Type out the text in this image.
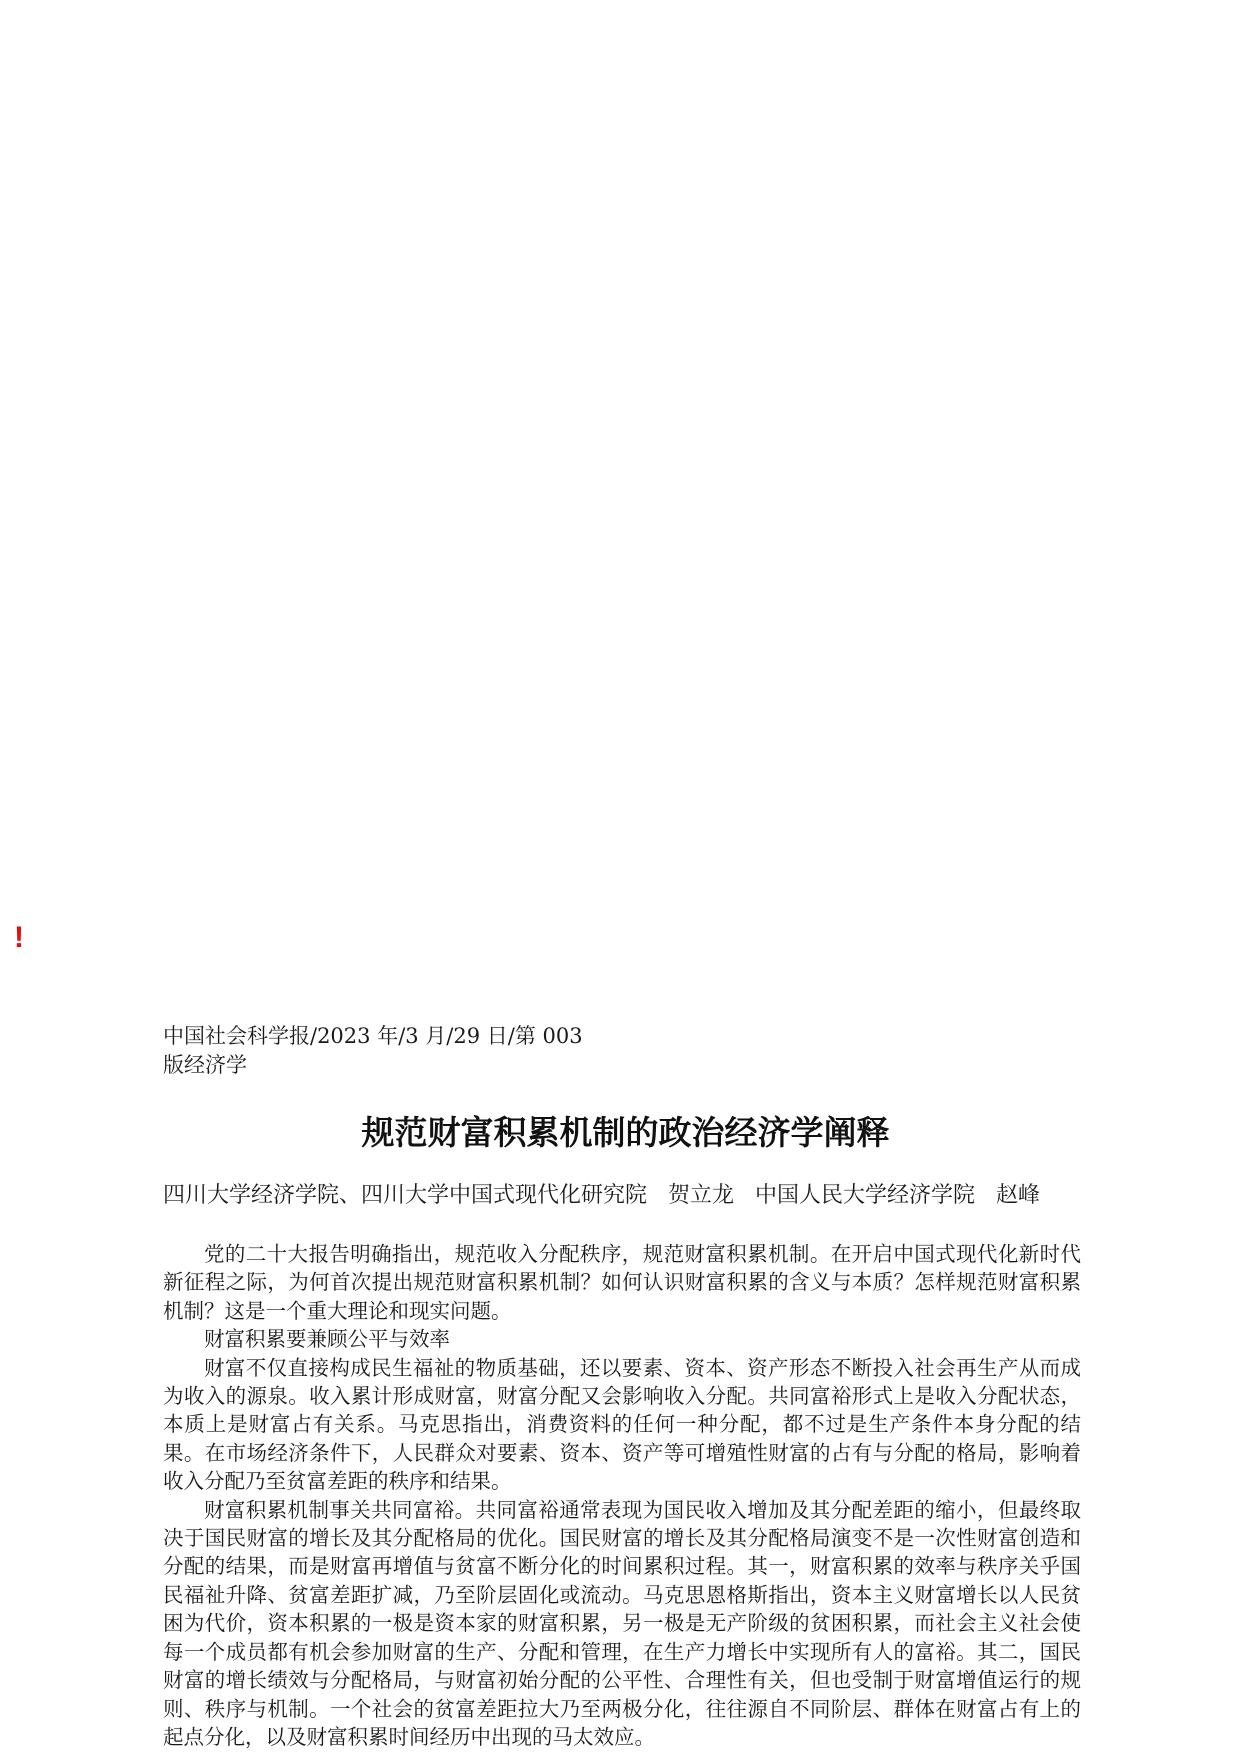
!
中国社会科学报/2023 年/3 月/29 日/第 003
版经济学
规范财富积累机制的政治经济学阐释
四川大学经济学院、四川大学中国式现代化研究院 贺立龙 中国人民大学经济学院 赵峰

党的二十大报告明确指出，规范收入分配秩序，规范财富积累机制。在开启中国式现代化新时代新征程之际，为何首次提出规范财富积累机制？如何认识财富积累的含义与本质？怎样规范财富积累机制？这是一个重大理论和现实问题。

财富积累要兼顾公平与效率

财富不仅直接构成民生福祉的物质基础，还以要素、资本、资产形态不断投入社会再生产从而成为收入的源泉。收入累计形成财富，财富分配又会影响收入分配。共同富裕形式上是收入分配状态，本质上是财富占有关系。马克思指出，消费资料的任何一种分配，都不过是生产条件本身分配的结果。在市场经济条件下，人民群众对要素、资本、资产等可增殖性财富的占有与分配的格局，影响着收入分配乃至贫富差距的秩序和结果。

财富积累机制事关共同富裕。共同富裕通常表现为国民收入增加及其分配差距的缩小，但最终取决于国民财富的增长及其分配格局的优化。国民财富的增长及其分配格局演变不是一次性财富创造和分配的结果，而是财富再增值与贫富不断分化的时间累积过程。其一，财富积累的效率与秩序关乎国民福祉升降、贫富差距扩减，乃至阶层固化或流动。马克思恩格斯指出，资本主义财富增长以人民贫困为代价，资本积累的一极是资本家的财富积累，另一极是无产阶级的贫困积累，而社会主义社会使每一个成员都有机会参加财富的生产、分配和管理，在生产力增长中实现所有人的富裕。其二，国民财富的增长绩效与分配格局，与财富初始分配的公平性、合理性有关，但也受制于财富增值运行的规则、秩序与机制。一个社会的贫富差距拉大乃至两极分化，往往源自不同阶层、群体在财富占有上的起点分化，以及财富积累时间经历中出现的马太效应。
